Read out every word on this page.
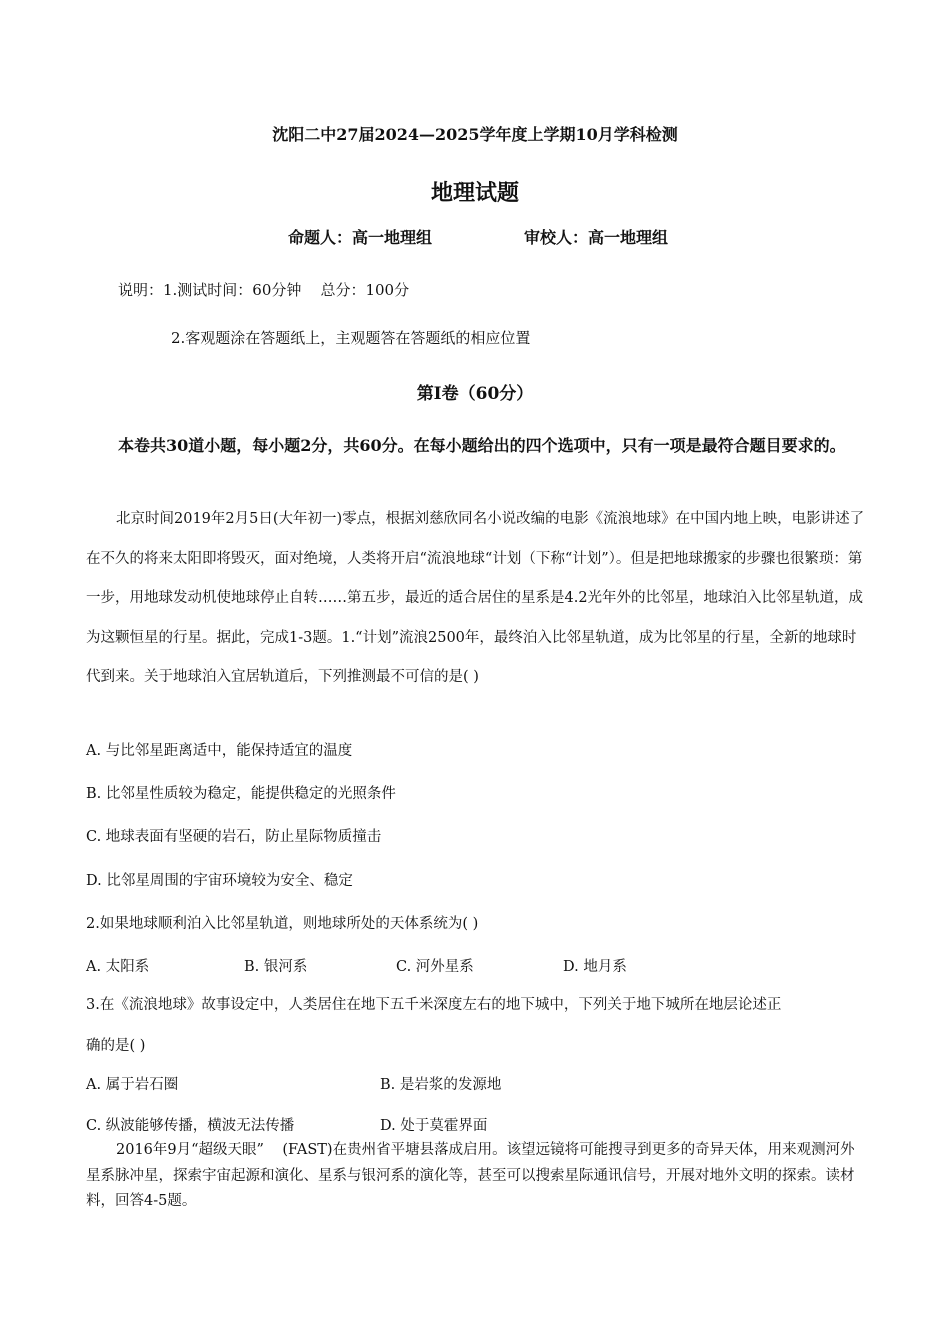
沈阳二中27届2024—2025学年度上学期10月学科检测
地理试题
命题人：高一地理组	审校人：高一地理组
说明：1.测试时间：60分钟    总分：100分
2.客观题涂在答题纸上，主观题答在答题纸的相应位置
第Ⅰ卷（60分）
本卷共30道小题，每小题2分，共60分。在每小题给出的四个选项中，只有一项是最符合题目要求的。
北京时间2019年2月5日(大年初一)零点，根据刘慈欣同名小说改编的电影《流浪地球》在中国内地上映，电影讲述了在不久的将来太阳即将毁灭，面对绝境，人类将开启“流浪地球“计划（下称“计划”）。但是把地球搬家的步骤也很繁琐：第一步，用地球发动机使地球停止自转……第五步，最近的适合居住的星系是4.2光年外的比邻星，地球泊入比邻星轨道，成为这颗恒星的行星。据此，完成1-3题。1.“计划”流浪2500年，最终泊入比邻星轨道，成为比邻星的行星，全新的地球时代到来。关于地球泊入宜居轨道后，下列推测最不可信的是( )
A. 与比邻星距离适中，能保持适宜的温度
B. 比邻星性质较为稳定，能提供稳定的光照条件
C. 地球表面有坚硬的岩石，防止星际物质撞击
D. 比邻星周围的宇宙环境较为安全、稳定
2.如果地球顺利泊入比邻星轨道，则地球所处的天体系统为( )
A. 太阳系	B. 银河系	C. 河外星系	D. 地月系
3.在《流浪地球》故事设定中，人类居住在地下五千米深度左右的地下城中，下列关于地下城所在地层论述正
确的是( )
A. 属于岩石圈	B. 是岩浆的发源地
C. 纵波能够传播，横波无法传播	D. 处于莫霍界面
2016年9月“超级天眼”    (FAST)在贵州省平塘县落成启用。该望远镜将可能搜寻到更多的奇异天体，用来观测河外星系脉冲星，探索宇宙起源和演化、星系与银河系的演化等，甚至可以搜索星际通讯信号，开展对地外文明的探索。读材料，回答4-5题。
